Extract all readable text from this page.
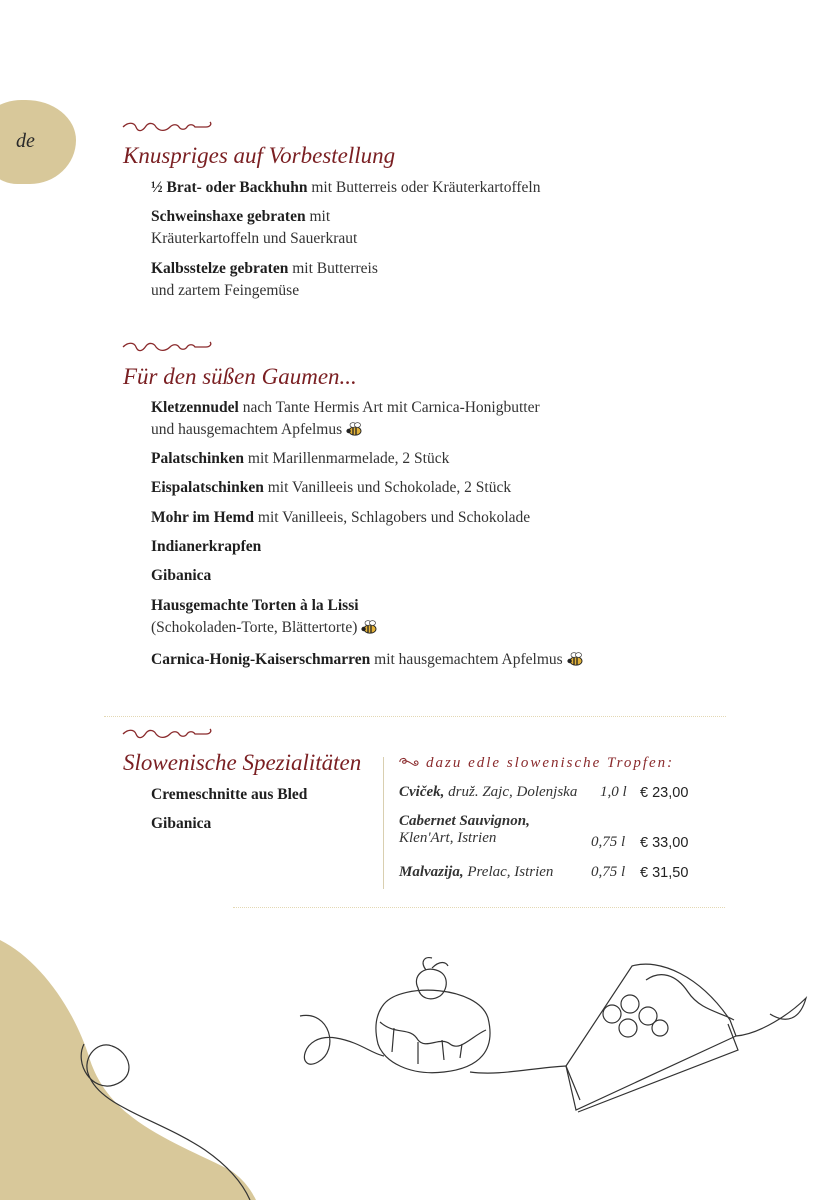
de
Knuspriges auf Vorbestellung
½ Brat- oder Backhuhn mit Butterreis oder Kräuterkartoffeln
Schweinshaxe gebraten mit
Kräuterkartoffeln und Sauerkraut
Kalbsstelze gebraten mit Butterreis
und zartem Feingemüse
Für den süßen Gaumen...
Kletzennudel nach Tante Hermis Art mit Carnica-Honigbutter
und hausgemachtem Apfelmus
Palatschinken mit Marillenmarmelade, 2 Stück
Eispalatschinken mit Vanilleeis und Schokolade, 2 Stück
Mohr im Hemd mit Vanilleeis, Schlagobers und Schokolade
Indianerkrapfen
Gibanica
Hausgemachte Torten à la Lissi
(Schokoladen-Torte, Blättertorte)
Carnica-Honig-Kaiserschmarren mit hausgemachtem Apfelmus
Slowenische Spezialitäten
Cremeschnitte aus Bled
Gibanica
dazu edle slowenische Tropfen:
Cviček, druž. Zajc, Dolenjska 1,0 l € 23,00
Cabernet Sauvignon,
Klen'Art, Istrien	0,75 l € 33,00
Malvazija, Prelac, Istrien	0,75 l € 31,50
